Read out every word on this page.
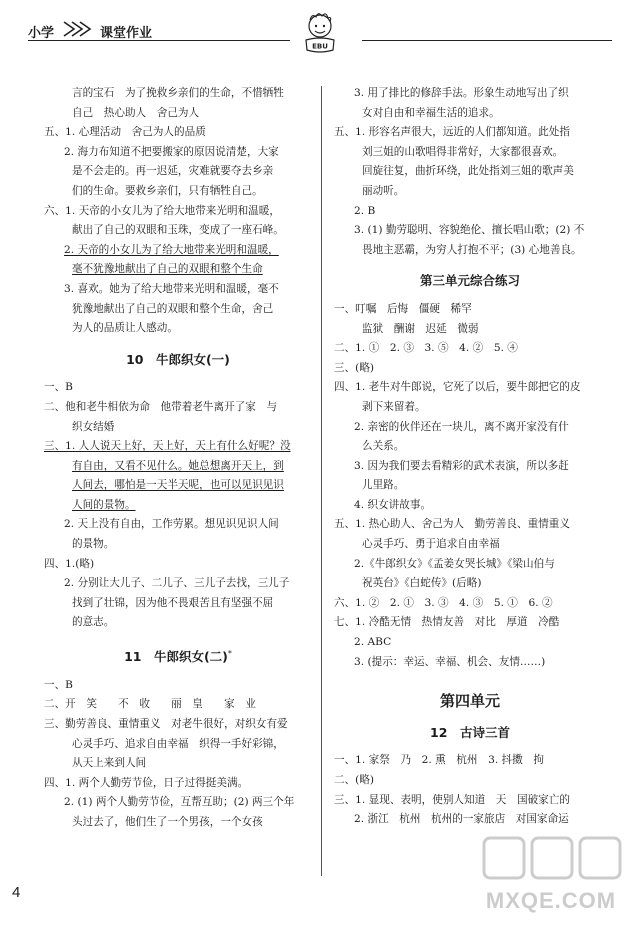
小学	课堂作业
EBU
言的宝石　为了挽救乡亲们的生命，不惜牺牲
自己　热心助人　舍己为人
五、1. 心理活动　舍己为人的品质
2. 海力布知道不把要搬家的原因说清楚，大家
是不会走的。再一迟延，灾难就要夺去乡亲
们的生命。要救乡亲们，只有牺牲自己。
六、1. 天帝的小女儿为了给大地带来光明和温暖，
献出了自己的双眼和玉珠，变成了一座石峰。
2. 天帝的小女儿为了给大地带来光明和温暖，
毫不犹豫地献出了自己的双眼和整个生命
3. 喜欢。她为了给大地带来光明和温暖，毫不
犹豫地献出了自己的双眼和整个生命，舍己
为人的品质让人感动。
10　牛郎织女(一)
一、B
二、他和老牛相依为命　他带着老牛离开了家　与
织女结婚
三、1. 人人说天上好，天上好，天上有什么好呢？没
有自由，又看不见什么。她总想离开天上，到
人间去，哪怕是一天半天呢，也可以见识见识
人间的景物。
2. 天上没有自由，工作劳累。想见识见识人间
的景物。
四、1.(略)
2. 分别让大儿子、二儿子、三儿子去找，三儿子
找到了壮锦，因为他不畏艰苦且有坚强不屈
的意志。
11　牛郎织女(二)*
一、B
二、开　笑　　不　收　　丽　皇　　家　业
三、勤劳善良、重情重义　对老牛很好，对织女有爱
心灵手巧、追求自由幸福　织得一手好彩锦，
从天上来到人间
四、1. 两个人勤劳节俭，日子过得挺美满。
2. (1) 两个人勤劳节俭，互帮互助；(2) 两三个年
头过去了，他们生了一个男孩，一个女孩
3. 用了排比的修辞手法。形象生动地写出了织
女对自由和幸福生活的追求。
五、1. 形容名声很大，远近的人们都知道。此处指
刘三姐的山歌唱得非常好，大家都很喜欢。
回旋往复，曲折环绕，此处指刘三姐的歌声美
丽动听。
2. B
3. (1) 勤劳聪明、容貌绝伦、擅长唱山歌；(2) 不
畏地主恶霸，为穷人打抱不平；(3) 心地善良。
第三单元综合练习
一、叮嘱　后悔　僵硬　稀罕
监狱　酬谢　迟延　微弱
二、1. ①　2. ③　3. ⑤　4. ②　5. ④
三、(略)
四、1. 老牛对牛郎说，它死了以后，要牛郎把它的皮
剥下来留着。
2. 亲密的伙伴还在一块儿，离不离开家没有什
么关系。
3. 因为我们要去看精彩的武术表演，所以多赶
儿里路。
4. 织女讲故事。
五、1. 热心助人、舍己为人　勤劳善良、重情重义
心灵手巧、勇于追求自由幸福
2.《牛郎织女》《孟姜女哭长城》《梁山伯与
祝英台》《白蛇传》(后略)
六、1. ②　2. ①　3. ③　4. ③　5. ①　6. ②
七、1. 冷酷无情　热情友善　对比　厚道　冷酷
2. ABC
3. (提示：幸运、幸福、机会、友情……)
第四单元
12　古诗三首
一、1. 家祭　乃　2. 熏　杭州　3. 抖擞　拘
二、(略)
三、1. 显现、表明，使别人知道　天　国破家亡的
2. 浙江　杭州　杭州的一家旅店　对国家命运
4	MXQE.COM
